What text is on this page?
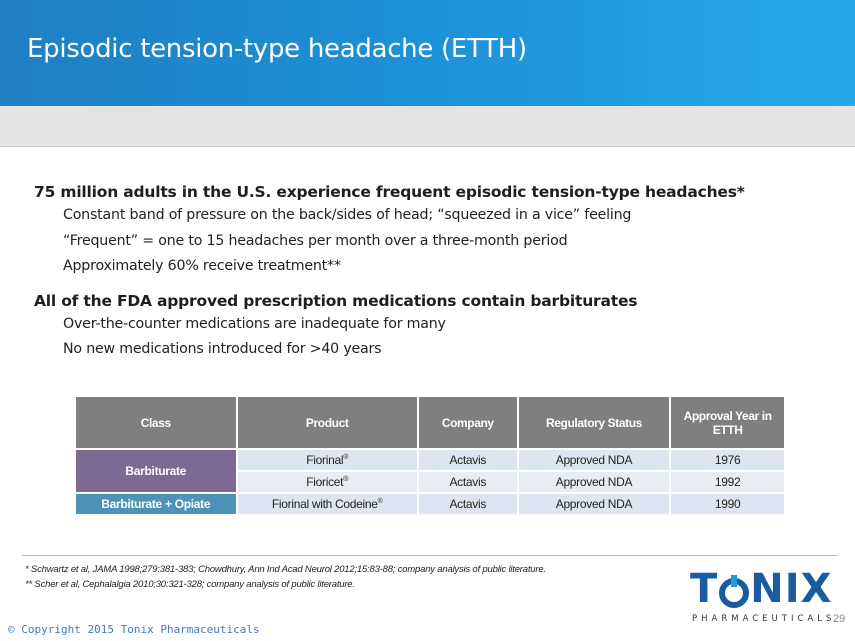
Episodic tension-type headache (ETTH)
75 million adults in the U.S. experience frequent episodic tension-type headaches*
Constant band of pressure on the back/sides of head; “squeezed in a vice” feeling
“Frequent” = one to 15 headaches per month over a three-month period
Approximately 60% receive treatment**
All of the FDA approved prescription medications contain barbiturates
Over-the-counter medications are inadequate for many
No new medications introduced for >40 years
Class	Product	Company	Regulatory Status	Approval Year in ETTH
Barbiturate	Fiorinal®	Actavis	Approved NDA	1976
	Fioricet®	Actavis	Approved NDA	1992
Barbiturate + Opiate	Fiorinal with Codeine®	Actavis	Approved NDA	1990
* Schwartz et al, JAMA 1998;279:381-383; Chowdhury, Ann Ind Acad Neurol 2012;15:83-88; company analysis of public literature.
** Scher et al, Cephalalgia 2010;30:321-328; company analysis of public literature.	T NIX
PHARMACEUTICALS
© Copyright 2015 Tonix Pharmaceuticals
29
